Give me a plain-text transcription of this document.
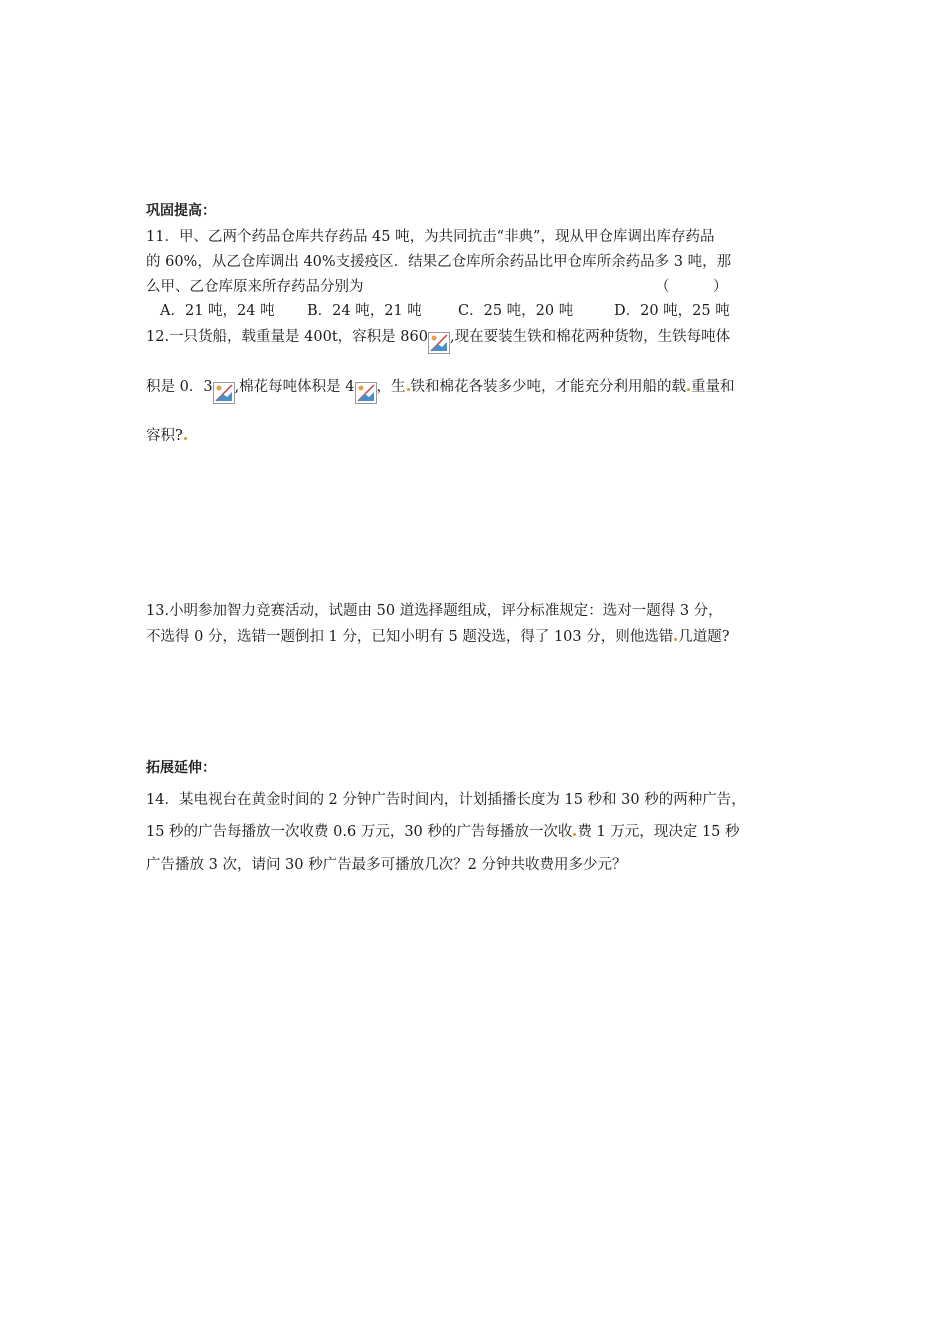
巩固提高：
11．甲、乙两个药品仓库共存药品 45 吨，为共同抗击“非典”，现从甲仓库调出库存药品
的 60%，从乙仓库调出 40%支援疫区．结果乙仓库所余药品比甲仓库所余药品多 3 吨，那
么甲、乙仓库原来所存药品分别为	（　　　）
A．21 吨，24 吨 B．24 吨，21 吨 C．25 吨，20 吨	D．20 吨，25 吨
12.一只货船，载重量是 400t，容积是 860 ,现在要装生铁和棉花两种货物，生铁每吨体
积是 0．3 ,棉花每吨体积是 4 ，生 铁和棉花各装多少吨，才能充分利用船的载 重量和
容积?
13.小明参加智力竞赛活动，试题由 50 道选择题组成，评分标准规定：选对一题得 3 分，
不选得 0 分，选错一题倒扣 1 分，已知小明有 5 题没选，得了 103 分，则他选错 几道题?
拓展延伸：
14．某电视台在黄金时间的 2 分钟广告时间内，计划插播长度为 15 秒和 30 秒的两种广告，
15 秒的广告每播放一次收费 0.6 万元，30 秒的广告每播放一次收 费 1 万元，现决定 15 秒
广告播放 3 次，请问 30 秒广告最多可播放几次？2 分钟共收费用多少元？
